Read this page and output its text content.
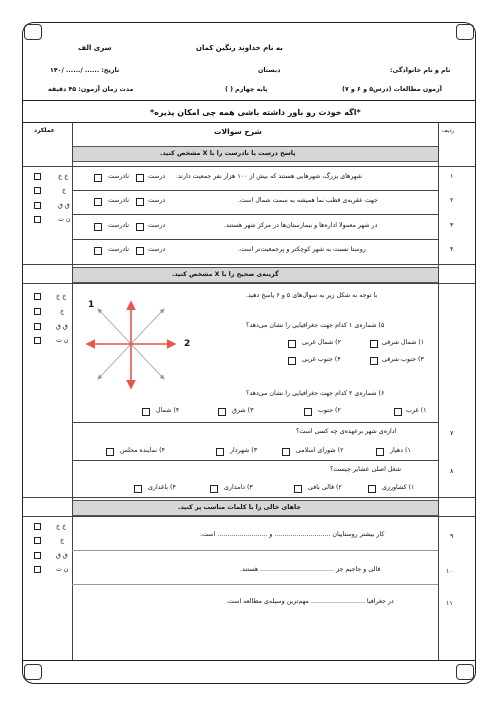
به نام خداوند رنگین کمان
سری الف
نام و نام خانوادگی:
دبستان
تاریخ: ...... /...... /۱۴۰
آزمون مطالعات (درس۵ و ۶ و ۷)
پایه چهارم ( )
مدت زمان آزمون: ۴۵ دقیقه
*اگه خودت رو باور داشته باشی همه چی امکان پذیره*
ردیف
شرح سوالات
عملکرد
پاسخ درست یا نادرست را با X مشخص کنید.
۱
شهرهای بزرگ، شهرهایی هستند که بیش از ۱۰۰ هزار نفر جمعیت دارند.
درست
نادرست
۲
جهت عقربه‌ی قطب نما همیشه به سمت شمال است.
درست
نادرست
۳
در شهر معمولا اداره‌ها و بیمارستان‌ها در مرکز شهر هستند.
درست
نادرست
۴
روستا نسبت به شهر کوچکتر و پرجمعیت‌تر است.
درست
نادرست
خ خ
خ
ق ق
ن ت
گزینه‌ی صحیح را با X مشخص کنید.
خ خ
خ
ق ق
ن ت
با توجه به شکل زیر به سوال‌های ۵ و ۶ پاسخ دهید.
۵) شماره‌ی ۱ کدام جهت جغرافیایی را نشان می‌دهد؟
۱) شمال شرقی
۲) شمال غربی
۳) جنوب شرقی
۴) جنوب غربی
1
2
۶) شماره‌ی ۲ کدام جهت جغرافیایی را نشان می‌دهد؟
۱) غرب
۲) جنوب
۳) شرق
۴) شمال
۷
اداره‌ی شهر برعهده‌ی چه کسی است؟
۱) دهیار
۲) شورای اسلامی
۳) شهردار
۴) نماینده مجلس
۸
شغل اصلی عشایر چیست؟
۱) کشاورزی
۲) قالی بافی
۳) دامداری
۴) باغداری
جاهای خالی را با کلمات مناسب پر کنید.
خ خ
خ
ق ق
ن ت
۹
کار بیشتر روستاییان ............................ و ......................... است.
۱۰
قالی و جاجیم جز ..................................... هستند.
۱۱
در جغرافیا ........................... مهم‌ترین وسیله‌ی مطالعه است.
